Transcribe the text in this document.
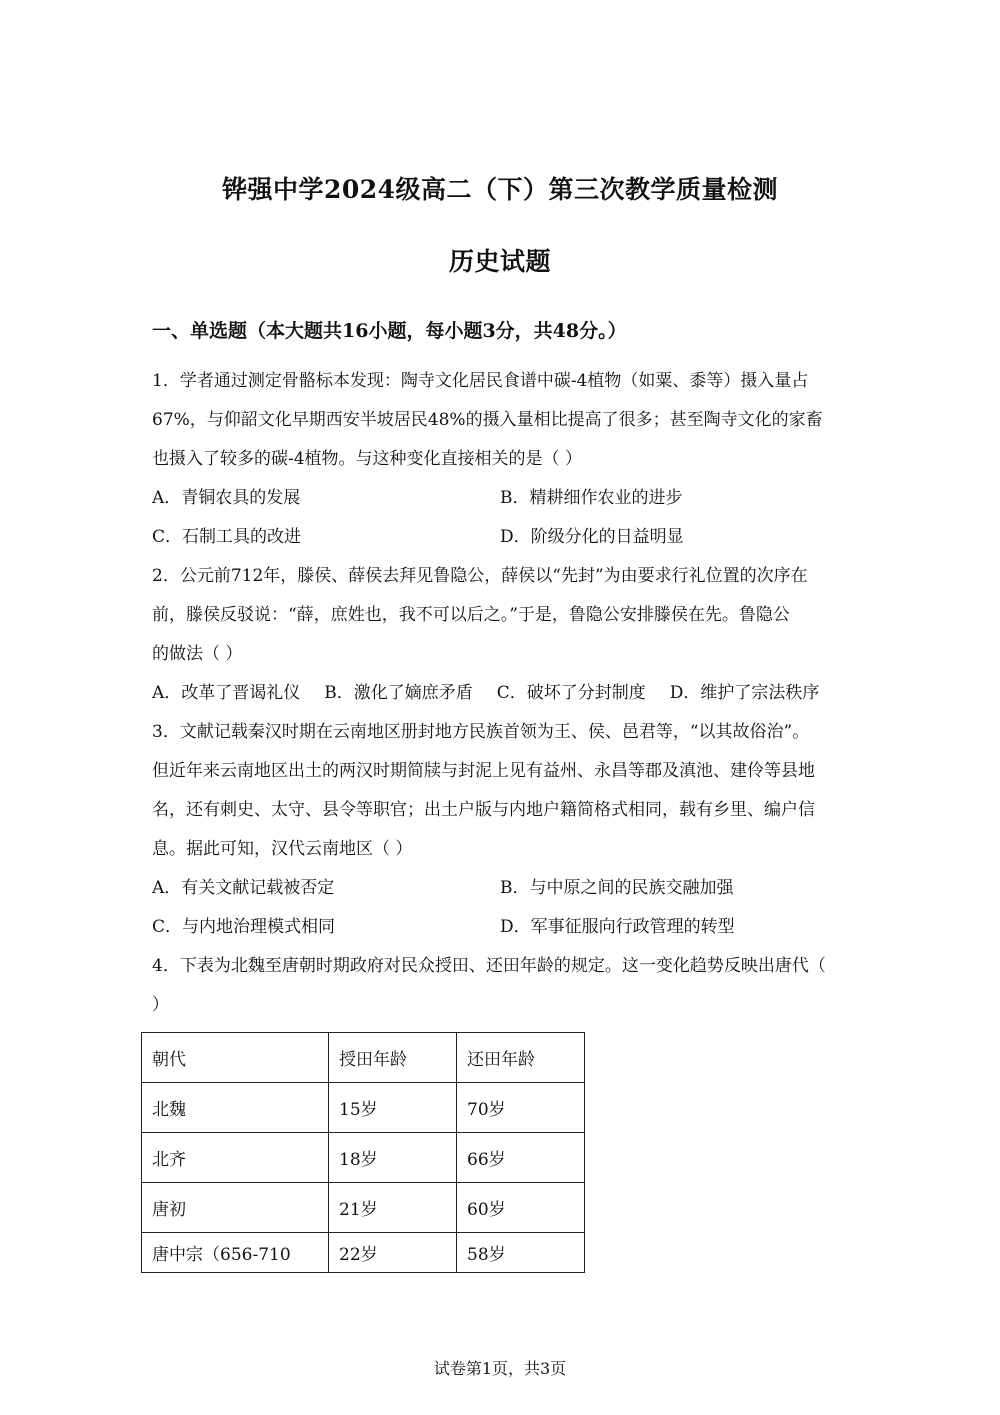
铧强中学2024级高二（下）第三次教学质量检测
历史试题
一、单选题（本大题共16小题，每小题3分，共48分。）
1．学者通过测定骨骼标本发现：陶寺文化居民食谱中碳-4植物（如粟、黍等）摄入量占
67%，与仰韶文化早期西安半坡居民48%的摄入量相比提高了很多；甚至陶寺文化的家畜
也摄入了较多的碳-4植物。与这种变化直接相关的是（ ）
A．青铜农具的发展	B．精耕细作农业的进步
C．石制工具的改进	D．阶级分化的日益明显
2．公元前712年，滕侯、薛侯去拜见鲁隐公，薛侯以“先封”为由要求行礼位置的次序在
前，滕侯反驳说：“薛，庶姓也，我不可以后之。”于是，鲁隐公安排滕侯在先。鲁隐公
的做法（ ）
A．改革了晋谒礼仪 B．激化了嫡庶矛盾 C．破坏了分封制度 D．维护了宗法秩序
3．文献记载秦汉时期在云南地区册封地方民族首领为王、侯、邑君等，“以其故俗治”。
但近年来云南地区出土的两汉时期简牍与封泥上见有益州、永昌等郡及滇池、建伶等县地
名，还有刺史、太守、县令等职官；出土户版与内地户籍简格式相同，载有乡里、编户信
息。据此可知，汉代云南地区（ ）
A．有关文献记载被否定	B．与中原之间的民族交融加强
C．与内地治理模式相同	D．军事征服向行政管理的转型
4．下表为北魏至唐朝时期政府对民众授田、还田年龄的规定。这一变化趋势反映出唐代（
）
朝代	授田年龄	还田年龄
北魏	15岁	70岁
北齐	18岁	66岁
唐初	21岁	60岁
唐中宗（656-710	22岁	58岁
试卷第1页，共3页
